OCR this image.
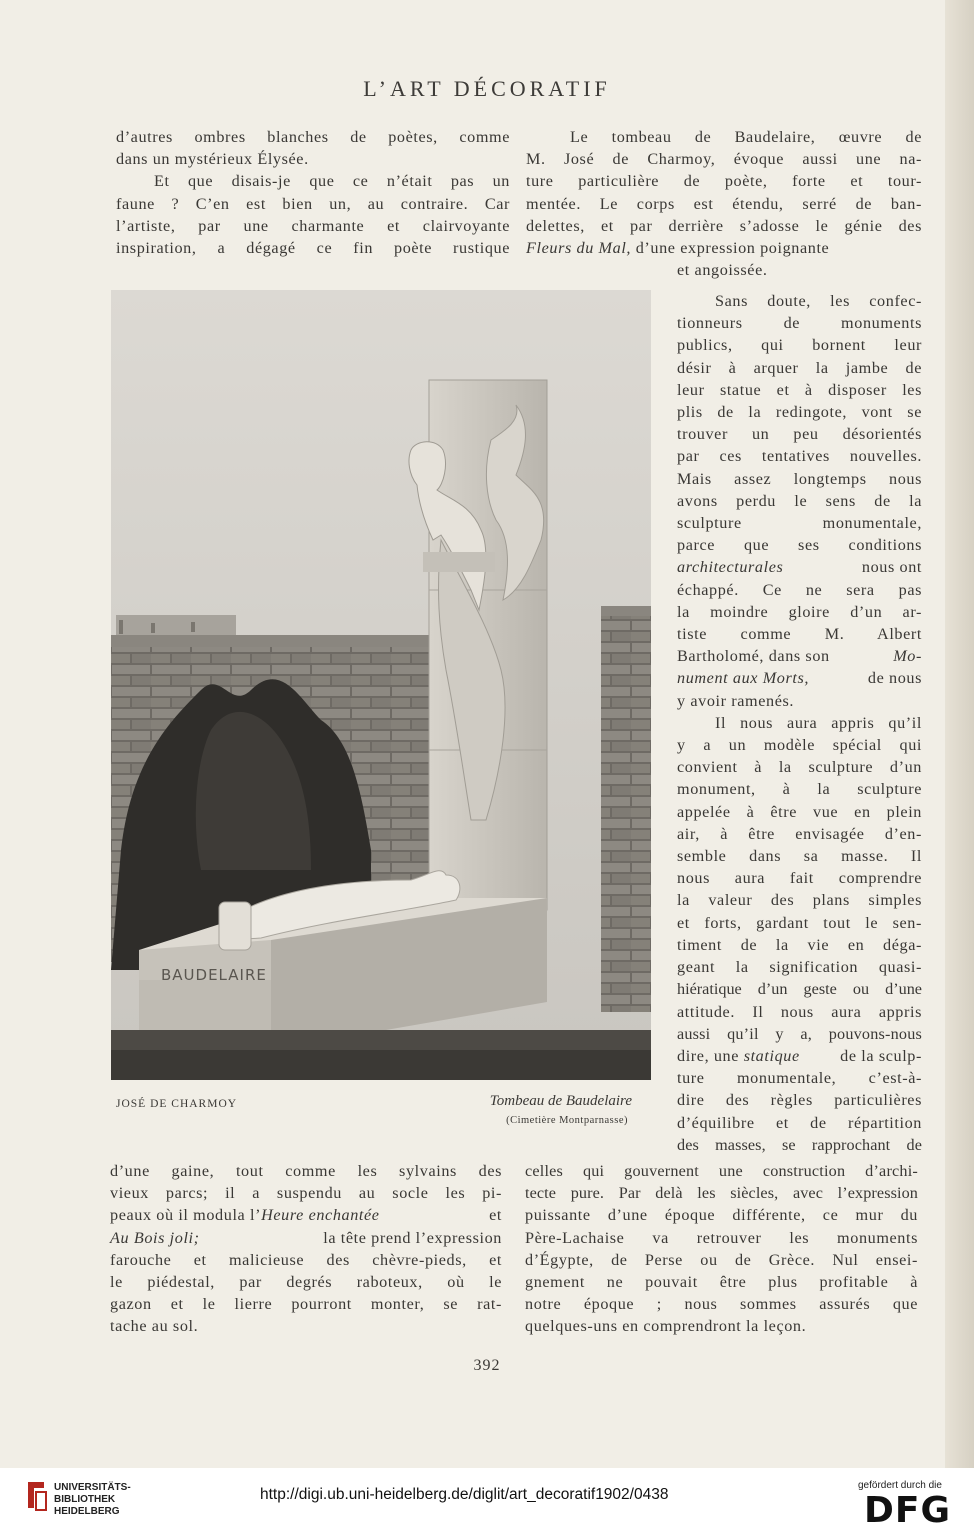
L’ART DÉCORATIF
d’autres ombres blanches de poètes, comme
dans un mystérieux Élysée.
Et que disais-je que ce n’était pas un
faune ? C’en est bien un, au contraire. Car
l’artiste, par une charmante et clairvoyante
inspiration, a dégagé ce fin poète rustique
Le tombeau de Baudelaire, œuvre de
M. José de Charmoy, évoque aussi une na-
ture particulière de poète, forte et tour-
mentée. Le corps est étendu, serré de ban-
delettes, et par derrière s’adosse le génie des
Fleurs du Mal, d’une expression poignante
et angoissée.
BAUDELAIRE
Sans doute, les confec-
tionneurs de monuments
publics, qui bornent leur
désir à arquer la jambe de
leur statue et à disposer les
plis de la redingote, vont se
trouver un peu désorientés
par ces tentatives nouvelles.
Mais assez longtemps nous
avons perdu le sens de la
sculpture monumentale,
parce que ses conditions
architecturales	nous ont
échappé. Ce ne sera pas
la moindre gloire d’un ar-
tiste comme M. Albert
Bartholomé, dans son	Mo-
nument aux Morts,	de nous
y avoir ramenés.
Il nous aura appris qu’il
y a un modèle spécial qui
convient à la sculpture d’un
monument, à la sculpture
appelée à être vue en plein
air, à être envisagée d’en-
semble dans sa masse. Il
nous aura fait comprendre
la valeur des plans simples
et forts, gardant tout le sen-
timent de la vie en déga-
geant la signification quasi-
hiératique d’un geste ou d’une
attitude. Il nous aura appris
aussi qu’il y a, pouvons-nous
dire, une statique de la sculp-
ture monumentale, c’est-à-
dire des règles particulières
d’équilibre et de répartition
des masses, se rapprochant de
JOSÉ DE CHARMOY	Tombeau de Baudelaire
(Cimetière Montparnasse)
d’une gaine, tout comme les sylvains des
vieux parcs; il a suspendu au socle les pi-
peaux où il modula l’Heure enchantée	et
Au Bois joli;	la tête prend l’expression
farouche et malicieuse des chèvre-pieds, et
le piédestal, par degrés raboteux, où le
gazon et le lierre pourront monter, se rat-
tache au sol.
celles qui gouvernent une construction d’archi-
tecte pure. Par delà les siècles, avec l’expression
puissante d’une époque différente, ce mur du
Père-Lachaise va retrouver les monuments
d’Égypte, de Perse ou de Grèce. Nul ensei-
gnement ne pouvait être plus profitable à
notre époque ; nous sommes assurés que
quelques-uns en comprendront la leçon.
392
UNIVERSITÄTS-
BIBLIOTHEK
HEIDELBERG
http://digi.ub.uni-heidelberg.de/diglit/art_decoratif1902/0438
gefördert durch die
DFG
